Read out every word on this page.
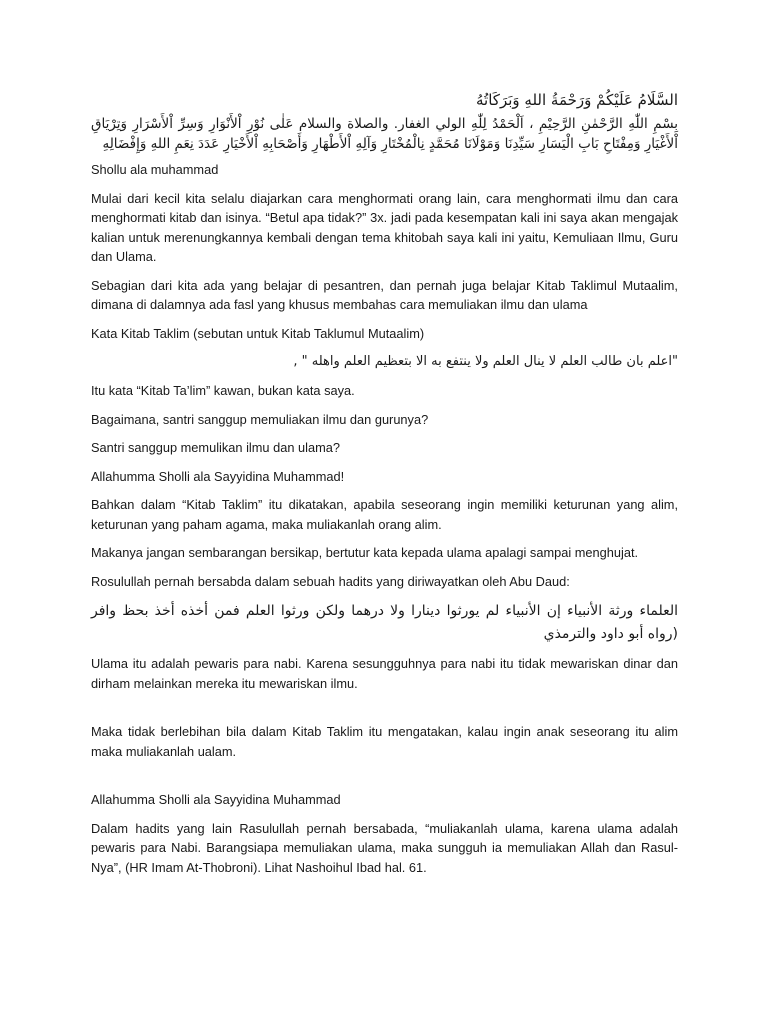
السَّلَامُ عَلَيْكُمْ وَرَحْمَةُ اللهِ وَبَرَكَاتُهُ

بِسْمِ اللّٰهِ الرَّحْمٰنِ الرَّحِيْمِ ، اَلْحَمْدُ لِلّٰهِ الولي الغفار. والصلاة والسلام عَلٰى نُوْرِ اْلأَنْوَارِ وَسِرِّ اْلأَسْرَارِ وَتِرْيَاقِ

اْلأَغْيَارِ وَمِفْتَاحِ بَابِ الْيَسَارِ سَيِّدِنَا وَمَوْلَانَا مُحَمَّدٍ نِالْمُخْتَارِ وَآلِهِ اْلأَطْهَارِ وَأَصْحَابِهِ اْلأَخْيَارِ عَدَدَ نِعَمِ اللهِ وَإِفْضَالِهِ

Shollu ala muhammad

Mulai dari kecil kita selalu diajarkan cara menghormati orang lain, cara menghormati ilmu dan cara menghormati kitab dan isinya. “Betul apa tidak?” 3x. jadi pada kesempatan kali ini saya akan mengajak kalian untuk merenungkannya kembali dengan tema khitobah saya kali ini yaitu, Kemuliaan Ilmu, Guru dan Ulama.

Sebagian dari kita ada yang belajar di pesantren, dan pernah juga belajar Kitab Taklimul Mutaalim, dimana di dalamnya ada fasl yang khusus membahas cara memuliakan ilmu dan ulama

Kata Kitab Taklim (sebutan untuk Kitab Taklumul Mutaalim)

"اعلم بان طالب العلم لا ينال العلم ولا ينتفع به الا بتعظيم العلم واهله " ,

Itu kata “Kitab Ta’lim” kawan, bukan kata saya.

Bagaimana, santri sanggup memuliakan ilmu dan gurunya?

Santri sanggup memulikan ilmu dan ulama?

Allahumma Sholli ala Sayyidina Muhammad!

Bahkan dalam “Kitab Taklim” itu dikatakan, apabila seseorang ingin memiliki keturunan yang alim, keturunan yang paham agama, maka muliakanlah orang alim.

Makanya jangan sembarangan bersikap, bertutur kata kepada ulama apalagi sampai menghujat.

Rosulullah pernah bersabda dalam sebuah hadits yang diriwayatkan oleh Abu Daud:

العلماء ورثة الأنبياء إن الأنبياء لم يورثوا دينارا ولا درهما ولكن ورثوا العلم فمن أخذه أخذ بحظ وافر (رواه أبو داود والترمذي

Ulama itu adalah pewaris para nabi. Karena sesungguhnya para nabi itu tidak mewariskan dinar dan dirham melainkan mereka itu mewariskan ilmu.

Maka tidak berlebihan bila dalam Kitab Taklim itu mengatakan, kalau ingin anak seseorang itu alim maka muliakanlah ualam.

Allahumma Sholli ala Sayyidina Muhammad

Dalam hadits yang lain Rasulullah pernah bersabada, “muliakanlah ulama, karena ulama adalah pewaris para Nabi. Barangsiapa memuliakan ulama, maka sungguh ia memuliakan Allah dan Rasul-Nya”, (HR Imam At-Thobroni). Lihat Nashoihul Ibad hal. 61.
